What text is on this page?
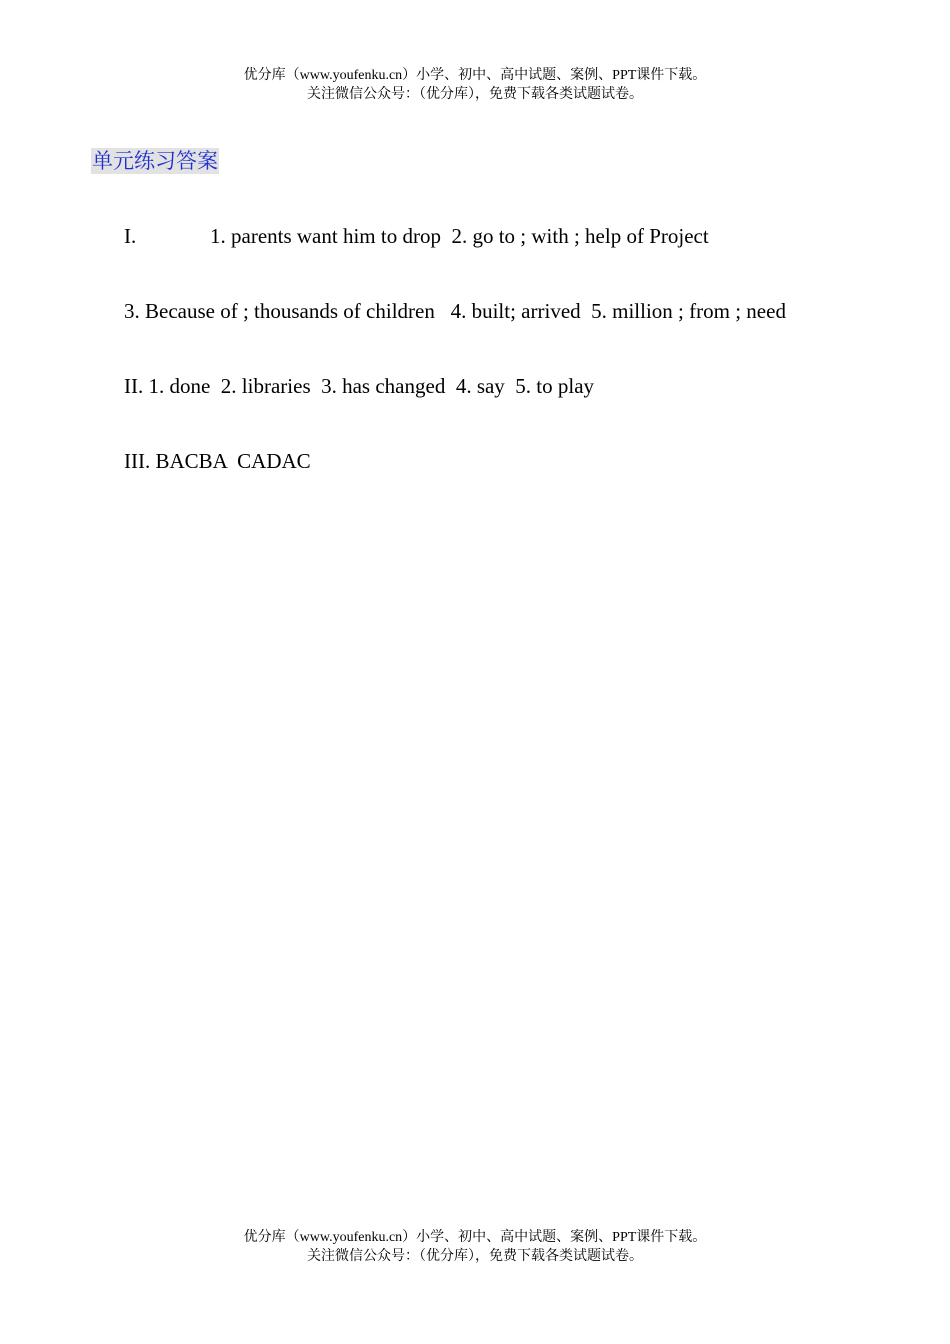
优分库（www.youfenku.cn）小学、初中、高中试题、案例、PPT课件下载。
关注微信公众号：（优分库），免费下载各类试题试卷。
单元练习答案

I.	1. parents want him to drop  2. go to ; with ; help of Project

3. Because of ; thousands of children   4. built; arrived  5. million ; from ; need

II. 1. done  2. libraries  3. has changed  4. say  5. to play

III. BACBA  CADAC

优分库（www.youfenku.cn）小学、初中、高中试题、案例、PPT课件下载。
关注微信公众号：（优分库），免费下载各类试题试卷。
